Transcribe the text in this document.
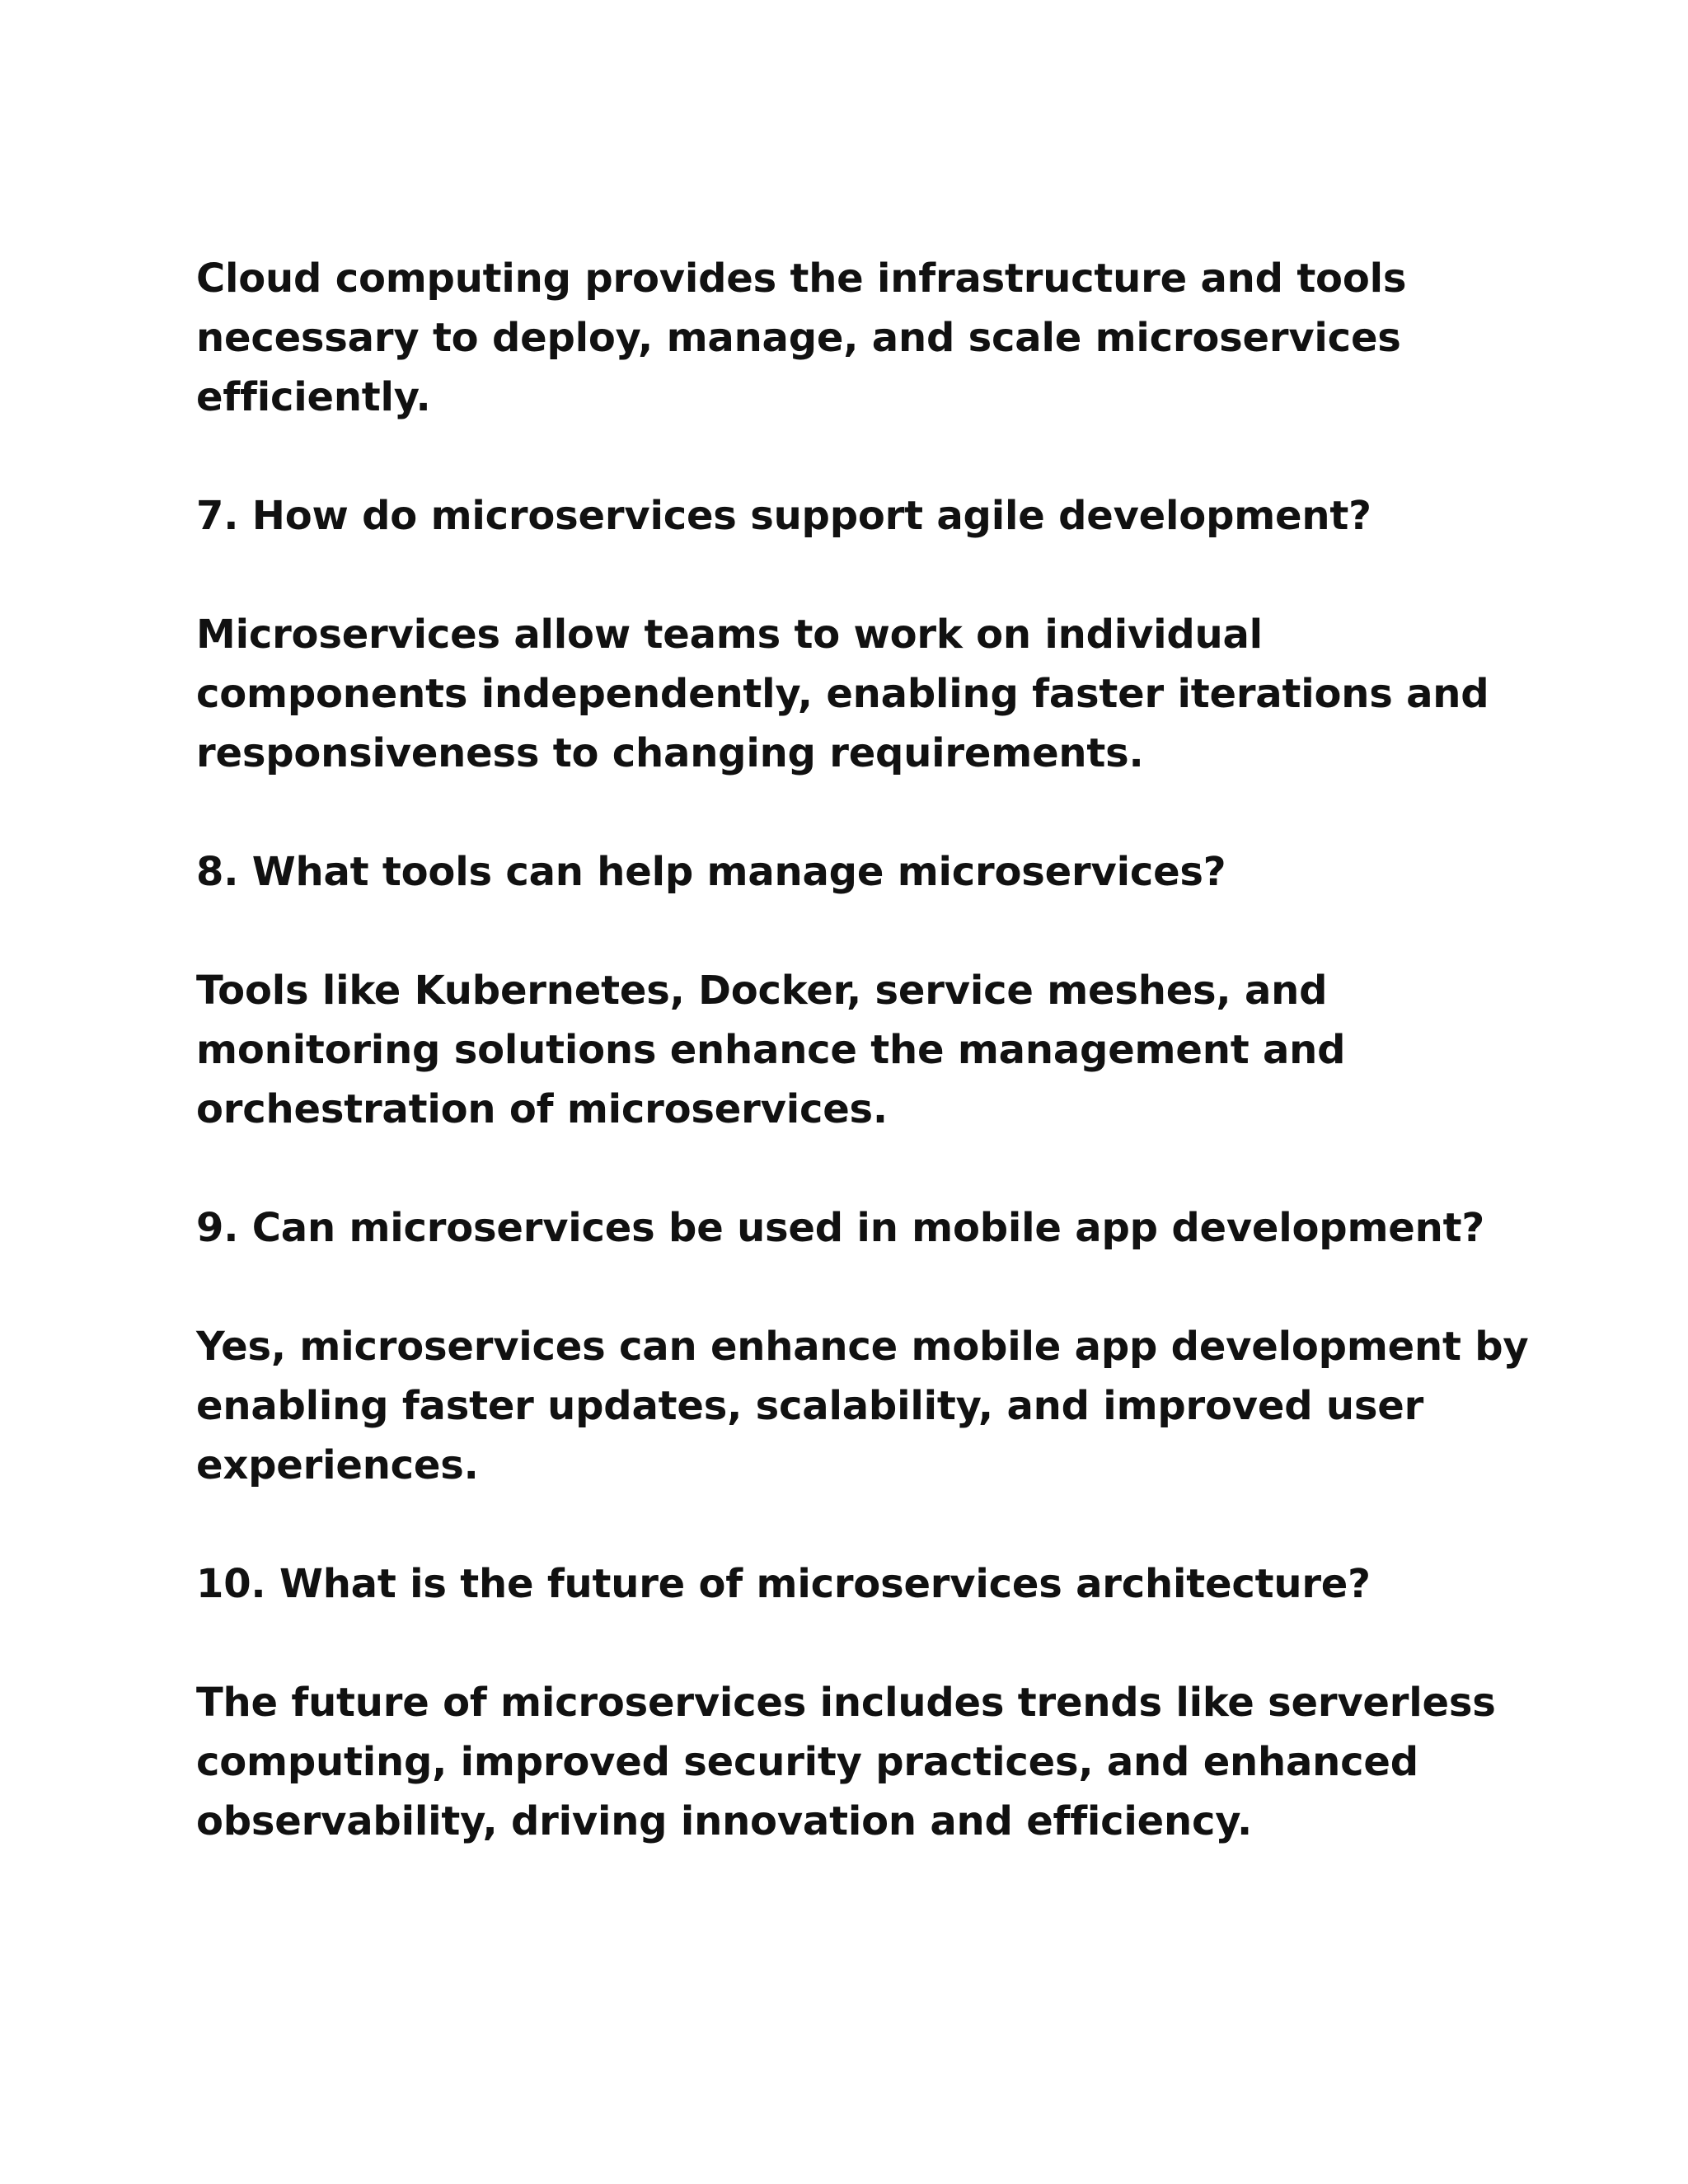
Cloud computing provides the infrastructure and tools necessary to deploy, manage, and scale microservices efficiently.

7. How do microservices support agile development?

Microservices allow teams to work on individual components independently, enabling faster iterations and responsiveness to changing requirements.

8. What tools can help manage microservices?

Tools like Kubernetes, Docker, service meshes, and monitoring solutions enhance the management and orchestration of microservices.

9. Can microservices be used in mobile app development?

Yes, microservices can enhance mobile app development by enabling faster updates, scalability, and improved user experiences.

10. What is the future of microservices architecture?

The future of microservices includes trends like serverless computing, improved security practices, and enhanced observability, driving innovation and efficiency.
